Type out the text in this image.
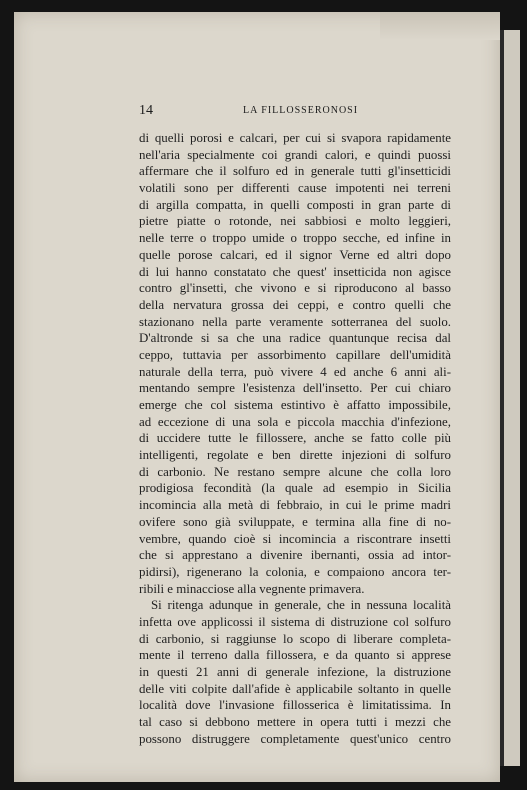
14	LA FILLOSSERONOSI
di quelli porosi e calcari, per cui si svapora rapidamente
nell'aria specialmente coi grandi calori, e quindi puossi
affermare che il solfuro ed in generale tutti gl'insetticidi
volatili sono per differenti cause impotenti nei terreni
di argilla compatta, in quelli composti in gran parte di
pietre piatte o rotonde, nei sabbiosi e molto leggieri,
nelle terre o troppo umide o troppo secche, ed infine in
quelle porose calcari, ed il signor Verne ed altri dopo
di lui hanno constatato che quest' insetticida non agisce
contro gl'insetti, che vivono e si riproducono al basso
della nervatura grossa dei ceppi, e contro quelli che
stazionano nella parte veramente sotterranea del suolo.
D'altronde si sa che una radice quantunque recisa dal
ceppo, tuttavia per assorbimento capillare dell'umidità
naturale della terra, può vivere 4 ed anche 6 anni ali-
mentando sempre l'esistenza dell'insetto. Per cui chiaro
emerge che col sistema estintivo è affatto impossibile,
ad eccezione di una sola e piccola macchia d'infezione,
di uccidere tutte le fillossere, anche se fatto colle più
intelligenti, regolate e ben dirette injezioni di solfuro
di carbonio. Ne restano sempre alcune che colla loro
prodigiosa fecondità (la quale ad esempio in Sicilia
incomincia alla metà di febbraio, in cui le prime madri
ovifere sono già sviluppate, e termina alla fine di no-
vembre, quando cioè si incomincia a riscontrare insetti
che si apprestano a divenire ibernanti, ossia ad intor-
pidirsi), rigenerano la colonia, e compaiono ancora ter-
ribili e minacciose alla vegnente primavera.
Si ritenga adunque in generale, che in nessuna località
infetta ove applicossi il sistema di distruzione col solfuro
di carbonio, si raggiunse lo scopo di liberare completa-
mente il terreno dalla fillossera, e da quanto si apprese
in questi 21 anni di generale infezione, la distruzione
delle viti colpite dall'afide è applicabile soltanto in quelle
località dove l'invasione fillosserica è limitatissima. In
tal caso si debbono mettere in opera tutti i mezzi che
possono distruggere completamente quest'unico centro
